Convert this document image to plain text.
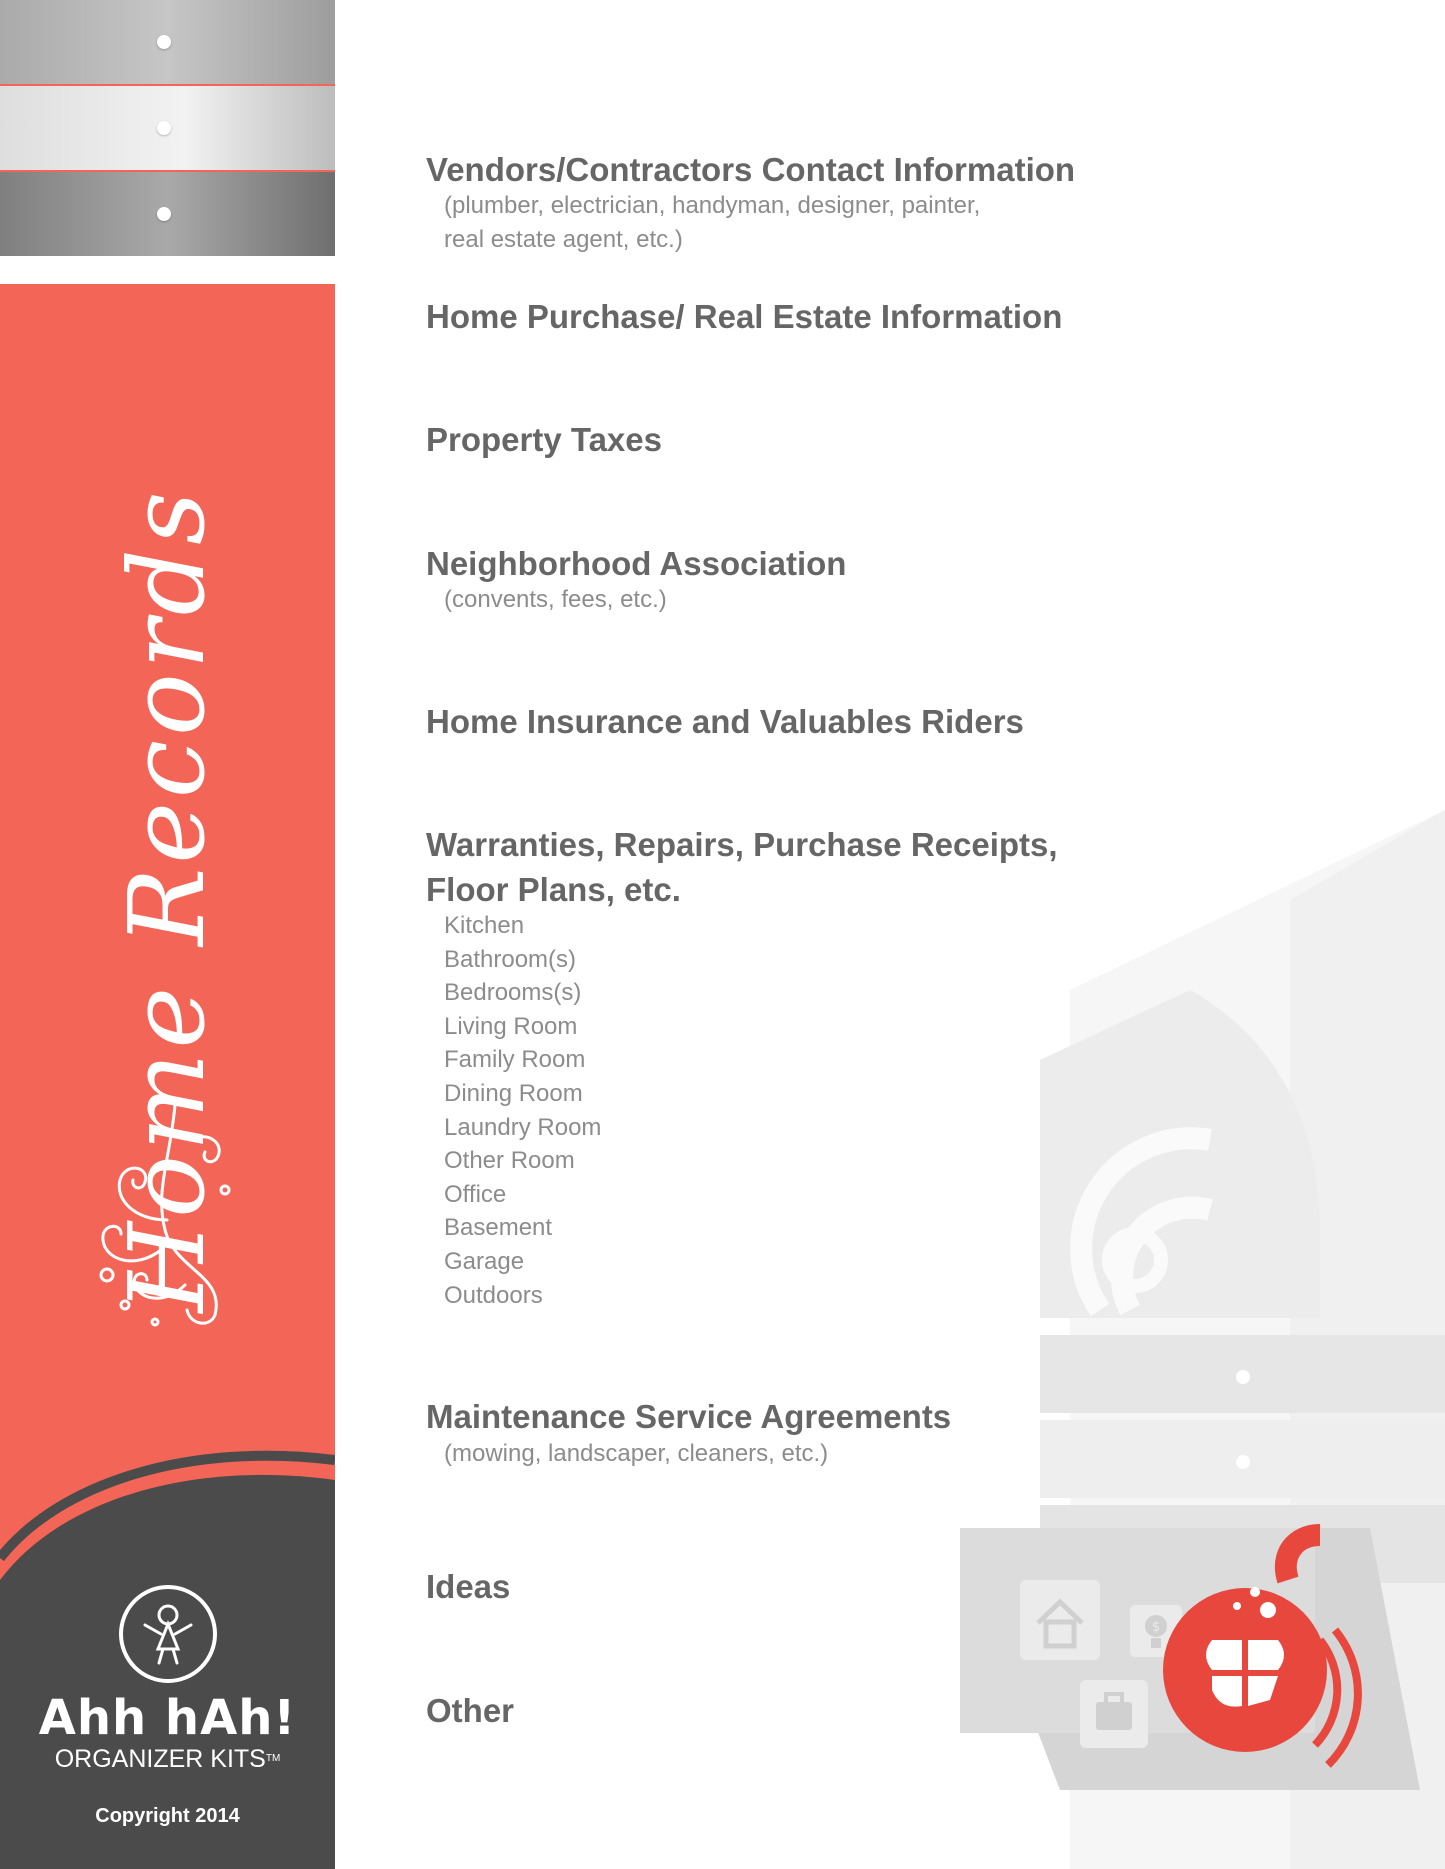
Home Records
Ahh hAh!
ORGANIZER KITS™
Copyright 2014
$
Vendors/Contractors Contact Information

(plumber, electrician, handyman, designer, painter,

real estate agent, etc.)

Home Purchase/ Real Estate Information
Property Taxes
Neighborhood Association

(convents, fees, etc.)

Home Insurance and Valuables Riders
Warranties, Repairs, Purchase Receipts,
Floor Plans, etc.
Kitchen
Bathroom(s)
Bedrooms(s)
Living Room
Family Room
Dining Room
Laundry Room
Other Room
Office
Basement
Garage
Outdoors
Maintenance Service Agreements

(mowing, landscaper, cleaners, etc.)

Ideas
Other
